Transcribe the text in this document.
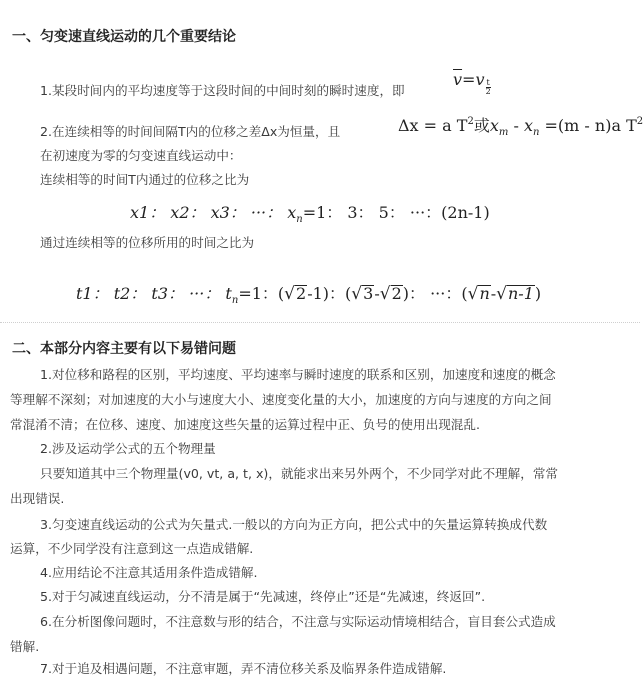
一、匀变速直线运动的几个重要结论
1.某段时间内的平均速度等于这段时间的中间时刻的瞬时速度，即
$\overline{v}=v \frac{t}{2}$
2.在连续相等的时间间隔T内的位移之差Δx为恒量，且	Δx = a $T^2$或$x_m - x_n =(m - n)a$ $T^2$
在初速度为零的匀变速直线运动中：
连续相等的时间T内通过的位移之比为
x1： x2： x3： ···： $x_n=1$： 3： 5： ···：(2n-1)
通过连续相等的位移所用的时间之比为
t1： t2： t3： ···： $t_n=1$：(√2-1)：(√3-√2)： ···：(√n-√n-1)
二、本部分内容主要有以下易错问题
1.对位移和路程的区别，平均速度、平均速率与瞬时速度的联系和区别，加速度和速度的概念
等理解不深刻；对加速度的大小与速度大小、速度变化量的大小，加速度的方向与速度的方向之间
常混淆不清；在位移、速度、加速度这些矢量的运算过程中正、负号的使用出现混乱.
2.涉及运动学公式的五个物理量
只要知道其中三个物理量(v0, vt, a, t, x)，就能求出来另外两个，不少同学对此不理解，常常
出现错误.
3.匀变速直线运动的公式为矢量式.一般以的方向为正方向，把公式中的矢量运算转换成代数
运算，不少同学没有注意到这一点造成错解.
4.应用结论不注意其适用条件造成错解.
5.对于匀减速直线运动，分不清是属于“先减速，终停止”还是“先减速，终返回”.
6.在分析图像问题时，不注意数与形的结合，不注意与实际运动情境相结合，盲目套公式造成
错解.
7.对于追及相遇问题，不注意审题，弄不清位移关系及临界条件造成错解.
